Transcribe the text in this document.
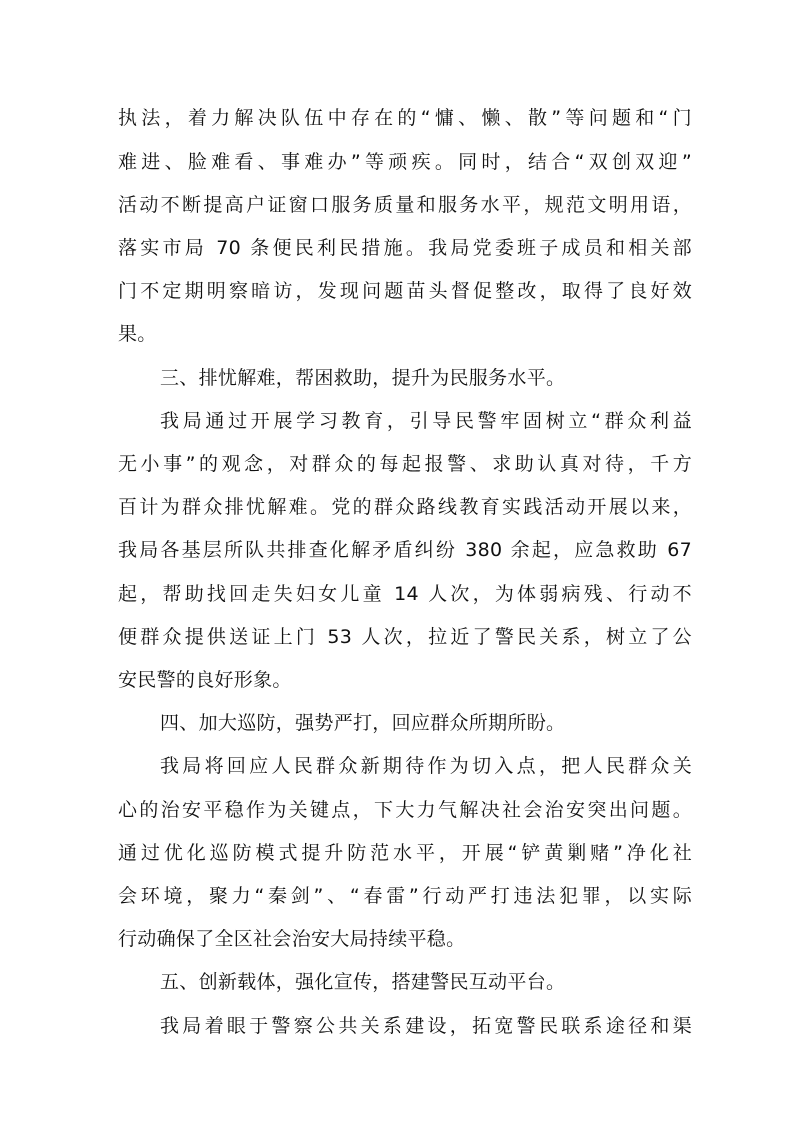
执法，着力解决队伍中存在的“慵、懒、散”等问题和“门
难进、脸难看、事难办”等顽疾。同时，结合“双创双迎”
活动不断提高户证窗口服务质量和服务水平，规范文明用语，
落实市局 70 条便民利民措施。我局党委班子成员和相关部
门不定期明察暗访，发现问题苗头督促整改，取得了良好效
果。
三、排忧解难，帮困救助，提升为民服务水平。
我局通过开展学习教育，引导民警牢固树立“群众利益
无小事”的观念，对群众的每起报警、求助认真对待，千方
百计为群众排忧解难。党的群众路线教育实践活动开展以来，
我局各基层所队共排查化解矛盾纠纷 380 余起，应急救助 67
起，帮助找回走失妇女儿童 14 人次，为体弱病残、行动不
便群众提供送证上门 53 人次，拉近了警民关系，树立了公
安民警的良好形象。
四、加大巡防，强势严打，回应群众所期所盼。
我局将回应人民群众新期待作为切入点，把人民群众关
心的治安平稳作为关键点，下大力气解决社会治安突出问题。
通过优化巡防模式提升防范水平，开展“铲黄剿赌”净化社
会环境，聚力“秦剑”、“春雷”行动严打违法犯罪，以实际
行动确保了全区社会治安大局持续平稳。
五、创新载体，强化宣传，搭建警民互动平台。
我局着眼于警察公共关系建设，拓宽警民联系途径和渠
